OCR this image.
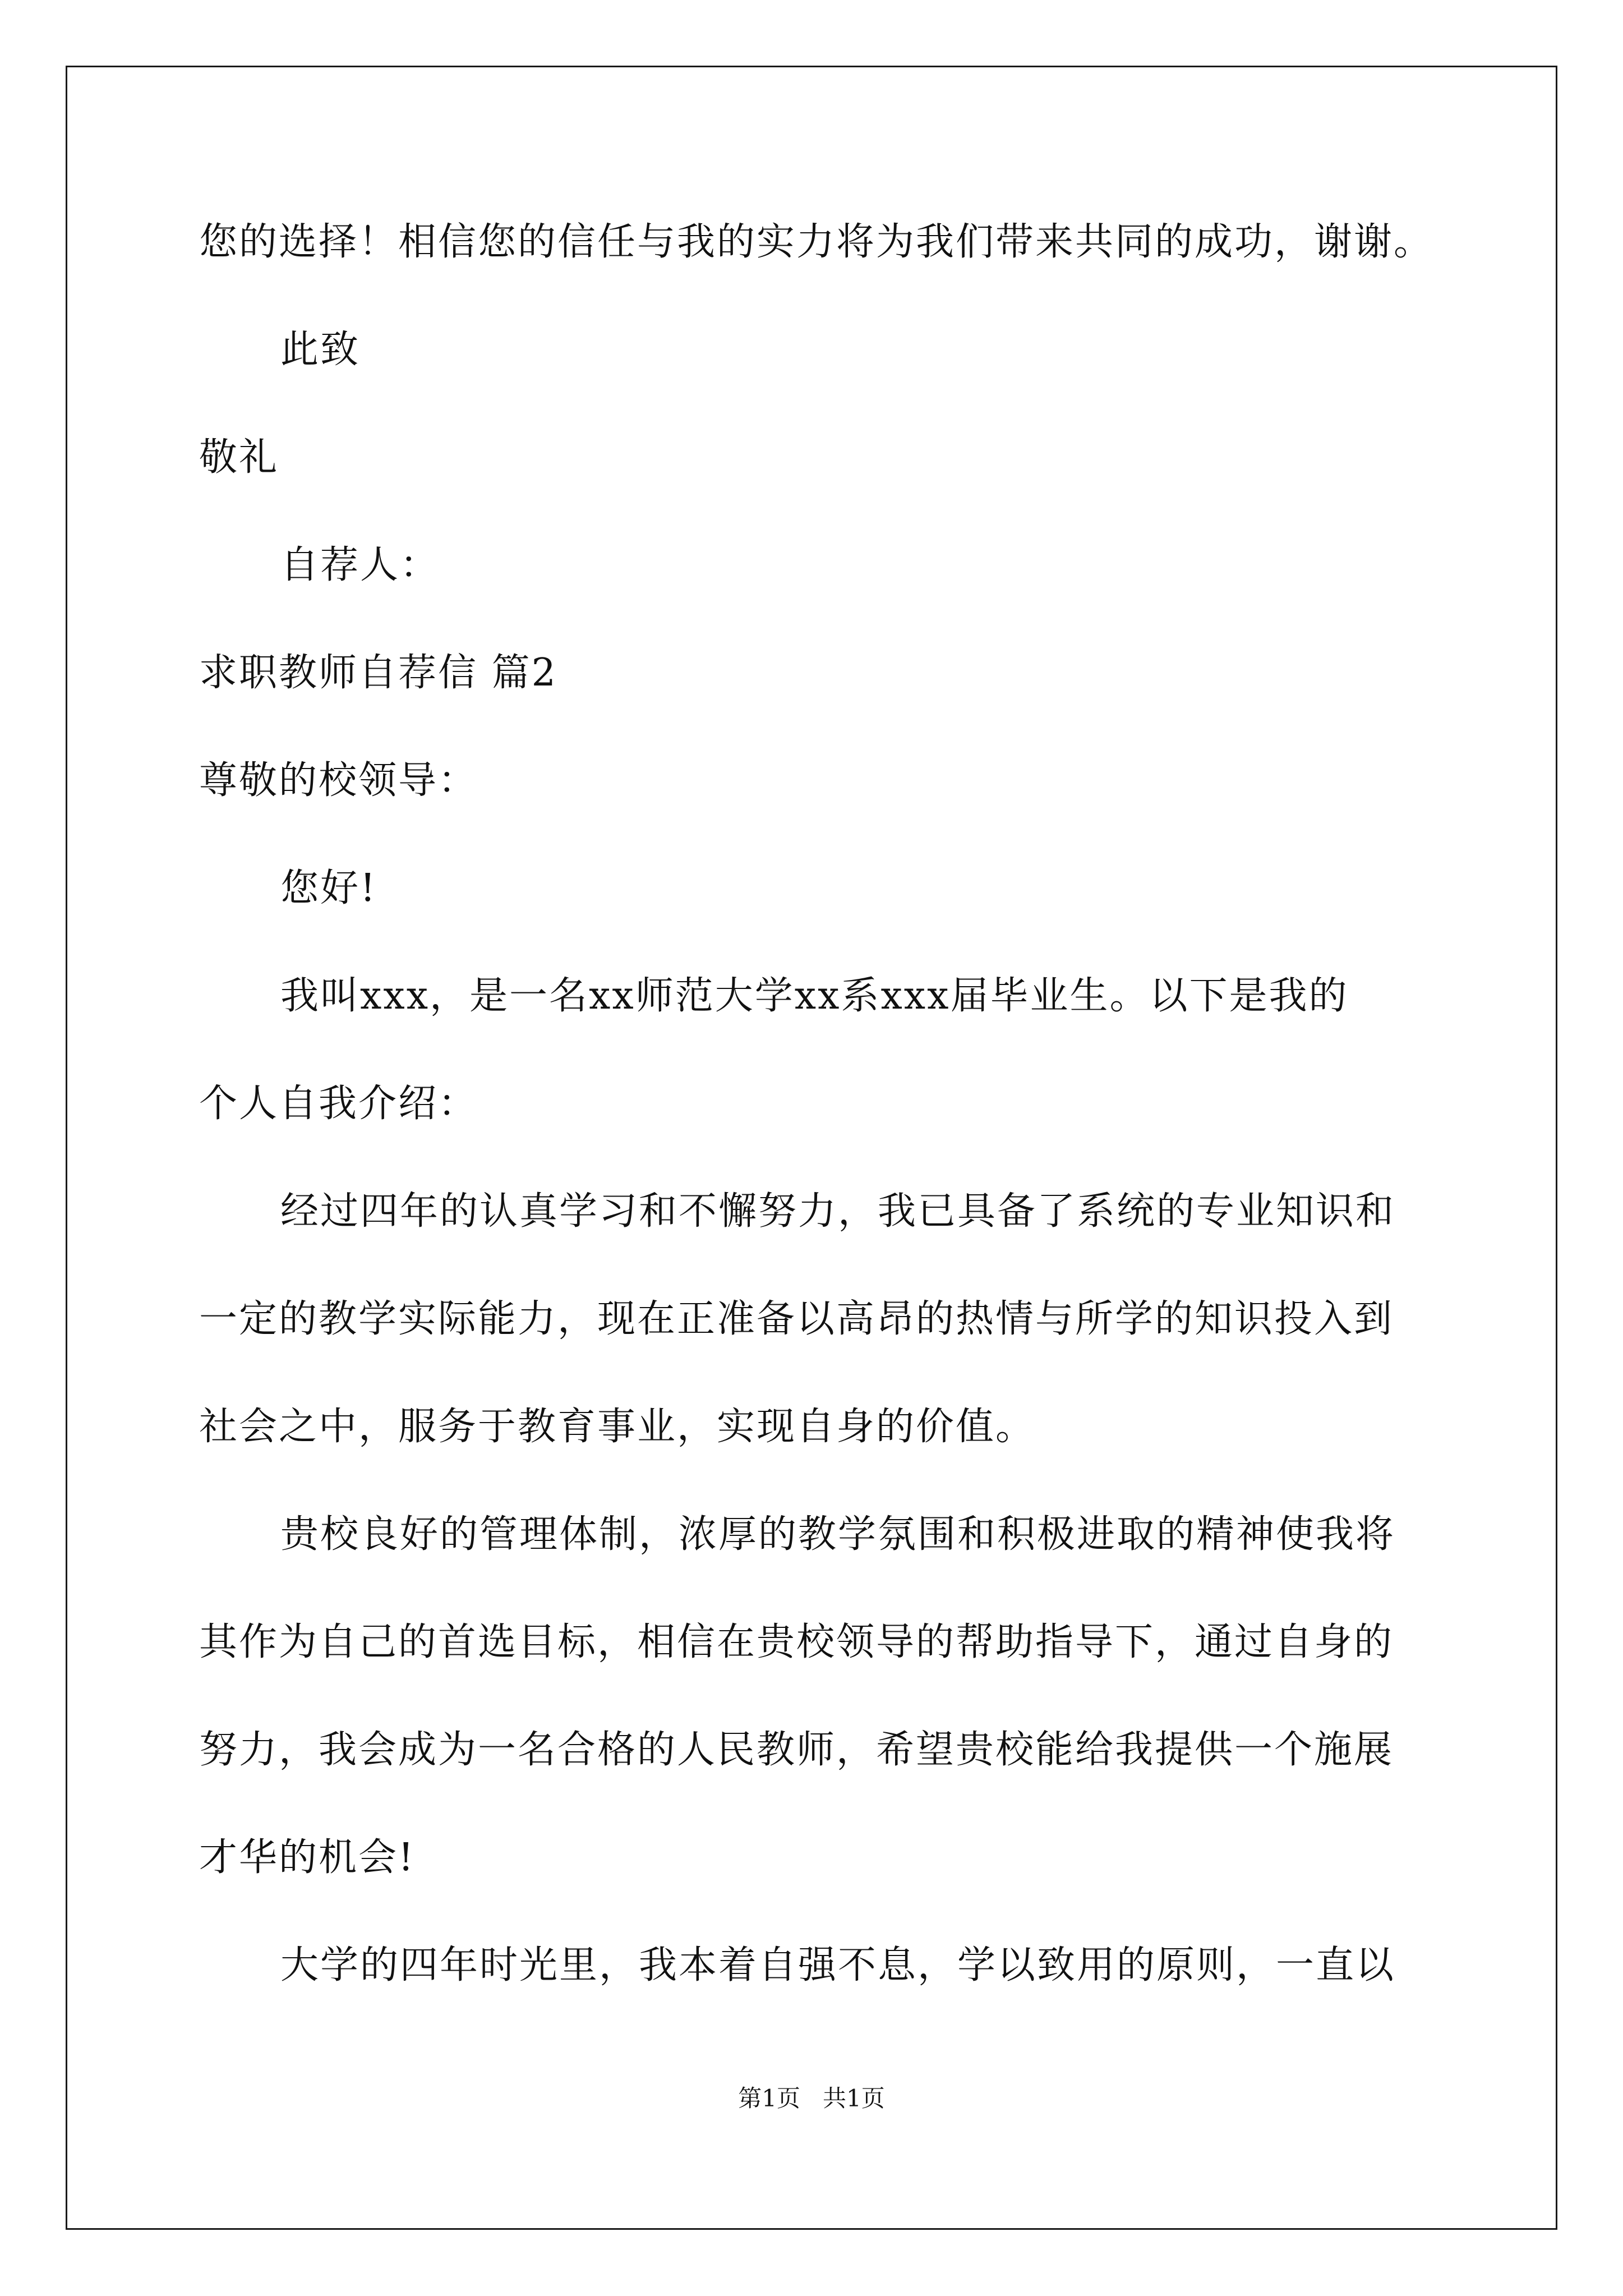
您的选择！相信您的信任与我的实力将为我们带来共同的成功，谢谢。
此致
敬礼
自荐人：
求职教师自荐信 篇2
尊敬的校领导：
您好!
我叫xxx，是一名xx师范大学xx系xxx届毕业生。以下是我的
个人自我介绍：
经过四年的认真学习和不懈努力，我已具备了系统的专业知识和
一定的教学实际能力，现在正准备以高昂的热情与所学的知识投入到
社会之中，服务于教育事业，实现自身的价值。
贵校良好的管理体制，浓厚的教学氛围和积极进取的精神使我将
其作为自己的首选目标，相信在贵校领导的帮助指导下，通过自身的
努力，我会成为一名合格的人民教师，希望贵校能给我提供一个施展
才华的机会!
大学的四年时光里，我本着自强不息，学以致用的原则，一直以
第1页   共1页
